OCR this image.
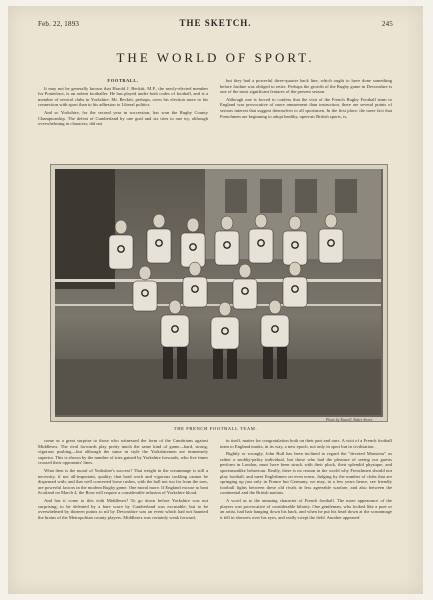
Feb. 22, 1893	THE SKETCH.	245
THE WORLD OF SPORT.

FOOTBALL.

It may not be generally known that Harold J. Beckitt, M.P., the newly-elected member for Pontefract, is an ardent footballer. He has played under both codes of football, and is a member of several clubs in Yorkshire. Mr. Beckitt, perhaps, owes his election more to his connection with sport than to his adhesion to Liberal politics.

And so Yorkshire, for the second year in succession, has won the Rugby County Championship. The defeat of Cumberland by one goal and six tries to one try, although overwhelming in character, did not

but they had a powerful three-quarter back line, which ought to have done something before Jardine was obliged to retire. Perhaps the growth of the Rugby game in Devonshire is one of the most significant features of the present season.

Although one is forced to confess that the visit of the French Rugby Football team to England was provocative of more amusement than instruction, there are several points of serious interest that suggest themselves to all sportsmen. In the first place, the mere fact that Frenchmen are beginning to adopt healthy, open-air British sports, is,

Photo by Russell, Baker Street.
THE FRENCH FOOTBALL TEAM.

come as a great surprise to those who witnessed the form of the Cumbrians against Middlesex. The rival forwards play pretty much the same kind of game—hard, strong, vigorous pushing—but although the same in style the Yorkshiremen are immensely superior. This is shown by the number of tries gained by Yorkshire forwards, who five times crossed their opponents' lines.

What then is the moral of Yorkshire's success? That weight in the scrummage is still a necessity, if not all-important, quality; that hard work and vigorous tackling cannot be dispensed with; and that well concerted loose rushes, with the ball not too far from the toes, are powerful factors in the modern Rugby game. One moral more. If England excuse to beat Scotland on March 4, the Rose will require a considerable infusion of Yorkshire blood.

And has it come to this with Middlesex? To go down before Yorkshire was not surprising; to be defeated by a bare score by Cumberland was excusable; but to be overwhelmed by thirteen points to nil by Devonshire was an event which had not haunted the brains of the Metropolitan county players. Middlesex was certainly weak forward,

in itself, matter for congratulation both on their part and ours. A visit of a French football team to England marks, in its way, a new epoch, not only in sport but in civilisation.

Rightly or wrongly, John Bull has been inclined to regard the "devoted Monsieur" as rather a snobby-paltry individual, but those who had the pleasure of seeing our guests perform in London, must have been struck with their pluck, their splendid physique, and sportsmanlike behaviour. Really, there is no reason in the world why Frenchmen should not play football, and meet Englishmen on even terms. Judging by the number of clubs that are springing up just only in France but Germany, we may, in a few years hence, see friendly football fights between these old rivals in less agreeable warfare, and also between the continental and the British nations.

A word as to the amusing character of French football. The more appearance of the players was provocative of considerable hilarity. One gentleman, who looked like a poet or an artist, had hair hanging down his back, and when he put his head down at the scrummage it fell in showers over his eyes, and really swept the field. Another appeared
